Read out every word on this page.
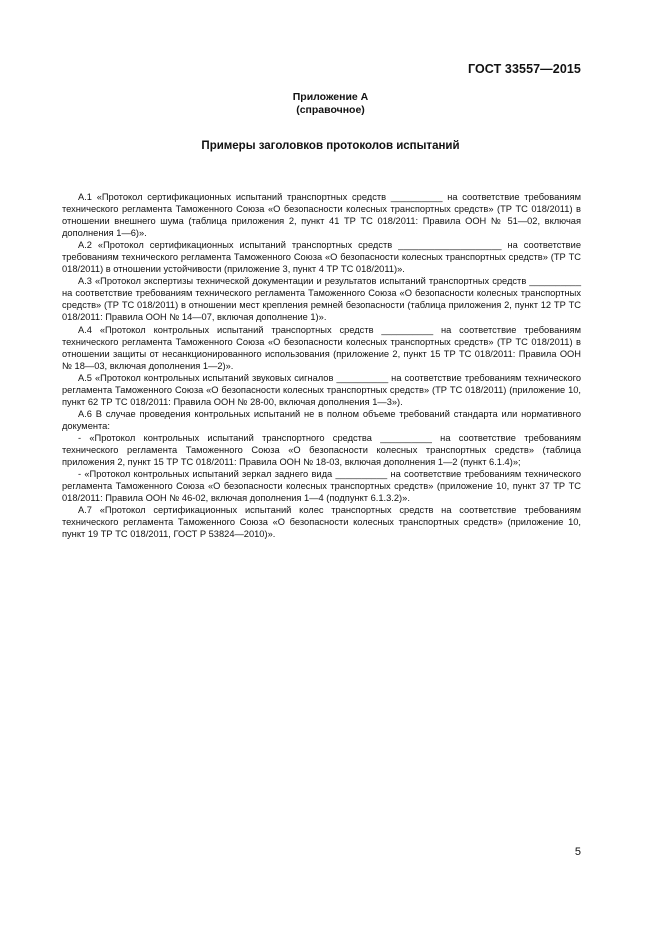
ГОСТ 33557—2015
Приложение А
(справочное)
Примеры заголовков протоколов испытаний

А.1 «Протокол сертификационных испытаний транспортных средств __________ на соответствие требованиям технического регламента Таможенного Союза «О безопасности колесных транспортных средств» (ТР ТС 018/2011) в отношении внешнего шума (таблица приложения 2, пункт 41 ТР ТС 018/2011: Правила ООН № 51—02, включая дополнения 1—6)».

А.2 «Протокол сертификационных испытаний транспортных средств ____________________ на соответствие требованиям технического регламента Таможенного Союза «О безопасности колесных транспортных средств» (ТР ТС 018/2011) в отношении устойчивости (приложение 3, пункт 4 ТР ТС 018/2011)».

А.3 «Протокол экспертизы технической документации и результатов испытаний транспортных средств __________ на соответствие требованиям технического регламента Таможенного Союза «О безопасности колесных транспортных средств» (ТР ТС 018/2011) в отношении мест крепления ремней безопасности (таблица приложения 2, пункт 12 ТР ТС 018/2011: Правила ООН № 14—07, включая дополнение 1)».

А.4 «Протокол контрольных испытаний транспортных средств __________ на соответствие требованиям технического регламента Таможенного Союза «О безопасности колесных транспортных средств» (ТР ТС 018/2011) в отношении защиты от несанкционированного использования (приложение 2, пункт 15 ТР ТС 018/2011: Правила ООН № 18—03, включая дополнения 1—2)».

А.5 «Протокол контрольных испытаний звуковых сигналов __________ на соответствие требованиям технического регламента Таможенного Союза «О безопасности колесных транспортных средств» (ТР ТС 018/2011) (приложение 10, пункт 62 ТР ТС 018/2011: Правила ООН № 28-00, включая дополнения 1—3»).

А.6 В случае проведения контрольных испытаний не в полном объеме требований стандарта или нормативного документа:

- «Протокол контрольных испытаний транспортного средства __________ на соответствие требованиям технического регламента Таможенного Союза «О безопасности колесных транспортных средств» (таблица приложения 2, пункт 15 ТР ТС 018/2011: Правила ООН № 18-03, включая дополнения 1—2 (пункт 6.1.4)»;

- «Протокол контрольных испытаний зеркал заднего вида __________ на соответствие требованиям технического регламента Таможенного Союза «О безопасности колесных транспортных средств» (приложение 10, пункт 37 ТР ТС 018/2011: Правила ООН № 46-02, включая дополнения 1—4 (подпункт 6.1.3.2)».

А.7 «Протокол сертификационных испытаний колес транспортных средств на соответствие требованиям технического регламента Таможенного Союза «О безопасности колесных транспортных средств» (приложение 10, пункт 19 ТР ТС 018/2011, ГОСТ Р 53824—2010)».

5
